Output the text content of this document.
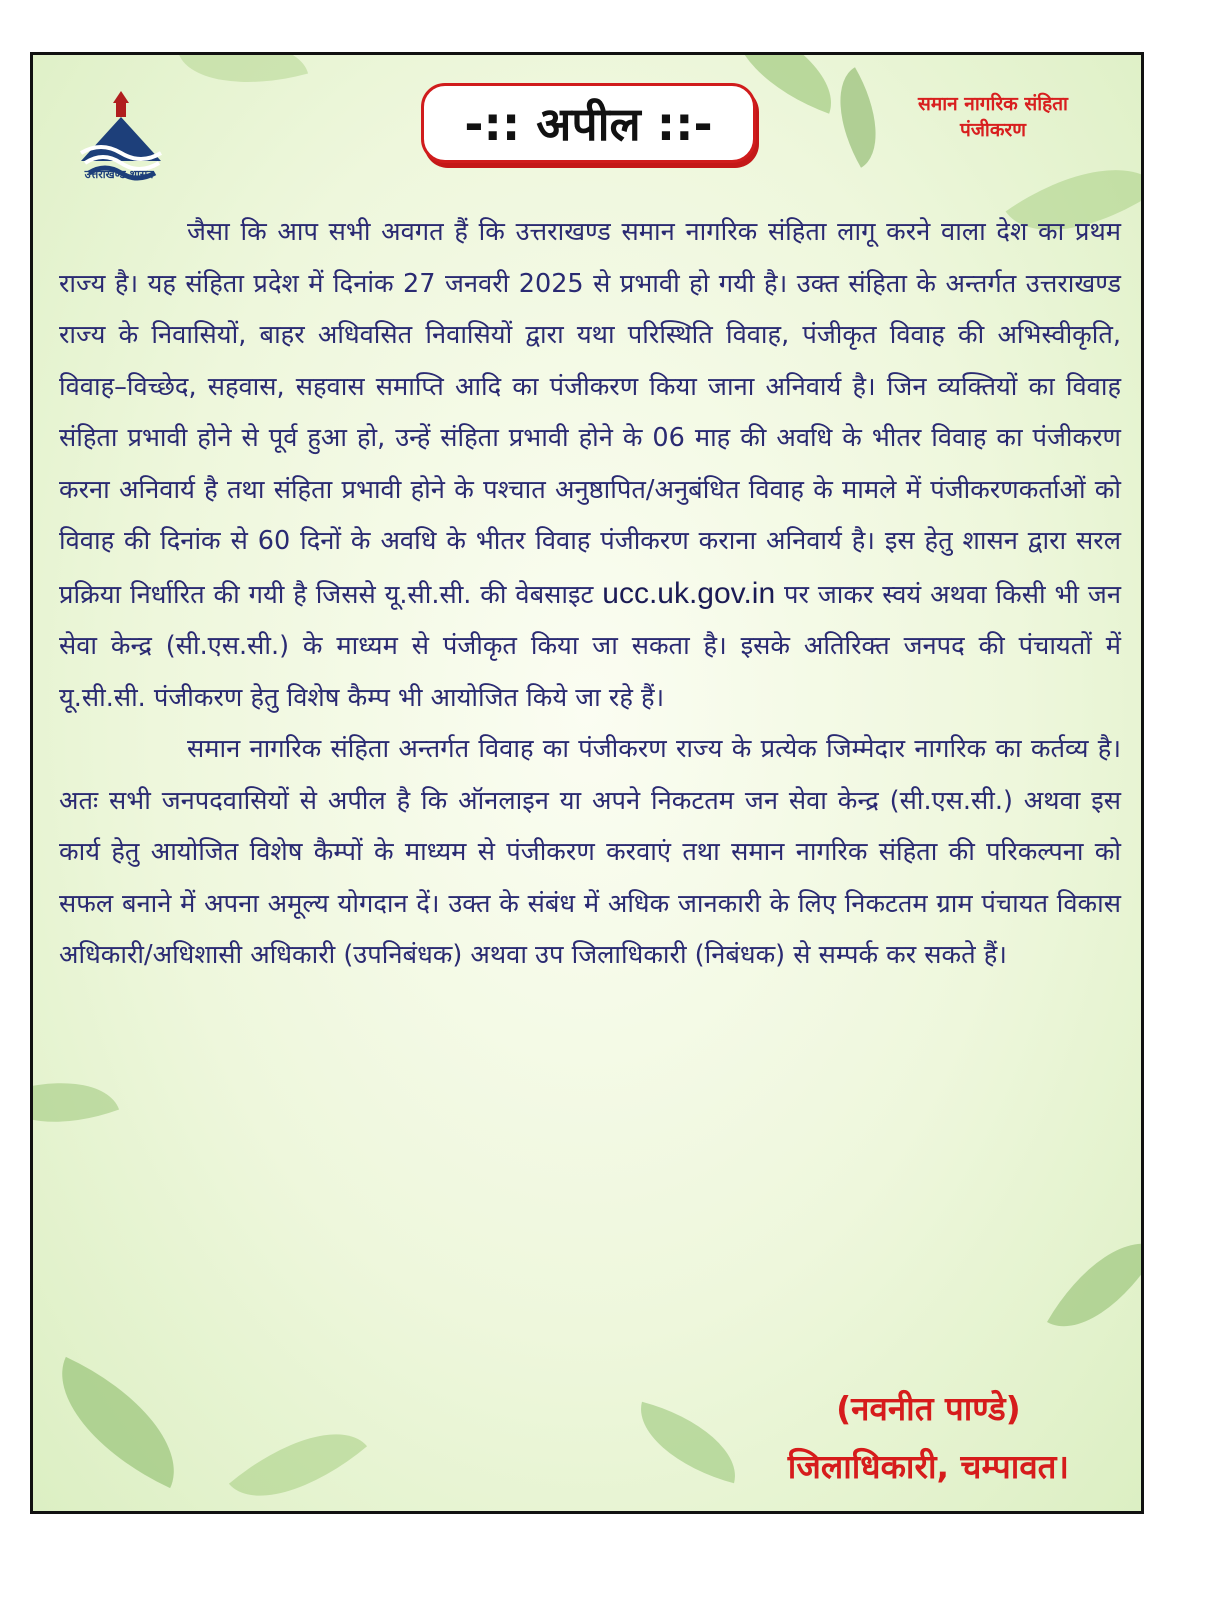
उत्तराखण्ड शासन
-:: अपील ::-	समान नागरिक संहिता
पंजीकरण

जैसा कि आप सभी अवगत हैं कि उत्तराखण्ड समान नागरिक संहिता लागू करने वाला देश का प्रथम राज्य है। यह संहिता प्रदेश में दिनांक 27 जनवरी 2025 से प्रभावी हो गयी है। उक्त संहिता के अन्तर्गत उत्तराखण्ड राज्य के निवासियों, बाहर अधिवसित निवासियों द्वारा यथा परिस्थिति विवाह, पंजीकृत विवाह की अभिस्वीकृति, विवाह–विच्छेद, सहवास, सहवास समाप्ति आदि का पंजीकरण किया जाना अनिवार्य है। जिन व्यक्तियों का विवाह संहिता प्रभावी होने से पूर्व हुआ हो, उन्हें संहिता प्रभावी होने के 06 माह की अवधि के भीतर विवाह का पंजीकरण करना अनिवार्य है तथा संहिता प्रभावी होने के पश्चात अनुष्ठापित/अनुबंधित विवाह के मामले में पंजीकरणकर्ताओं को विवाह की दिनांक से 60 दिनों के अवधि के भीतर विवाह पंजीकरण कराना अनिवार्य है। इस हेतु शासन द्वारा सरल प्रक्रिया निर्धारित की गयी है जिससे यू.सी.सी. की वेबसाइट ucc.uk.gov.in पर जाकर स्वयं अथवा किसी भी जन सेवा केन्द्र (सी.एस.सी.) के माध्यम से पंजीकृत किया जा सकता है। इसके अतिरिक्त जनपद की पंचायतों में यू.सी.सी. पंजीकरण हेतु विशेष कैम्प भी आयोजित किये जा रहे हैं।

समान नागरिक संहिता अन्तर्गत विवाह का पंजीकरण राज्य के प्रत्येक जिम्मेदार नागरिक का कर्तव्य है। अतः सभी जनपदवासियों से अपील है कि ऑनलाइन या अपने निकटतम जन सेवा केन्द्र (सी.एस.सी.) अथवा इस कार्य हेतु आयोजित विशेष कैम्पों के माध्यम से पंजीकरण करवाएं तथा समान नागरिक संहिता की परिकल्पना को सफल बनाने में अपना अमूल्य योगदान दें। उक्त के संबंध में अधिक जानकारी के लिए निकटतम ग्राम पंचायत विकास अधिकारी/अधिशासी अधिकारी (उपनिबंधक) अथवा उप जिलाधिकारी (निबंधक) से सम्पर्क कर सकते हैं।

(नवनीत पाण्डे)
जिलाधिकारी, चम्पावत।
